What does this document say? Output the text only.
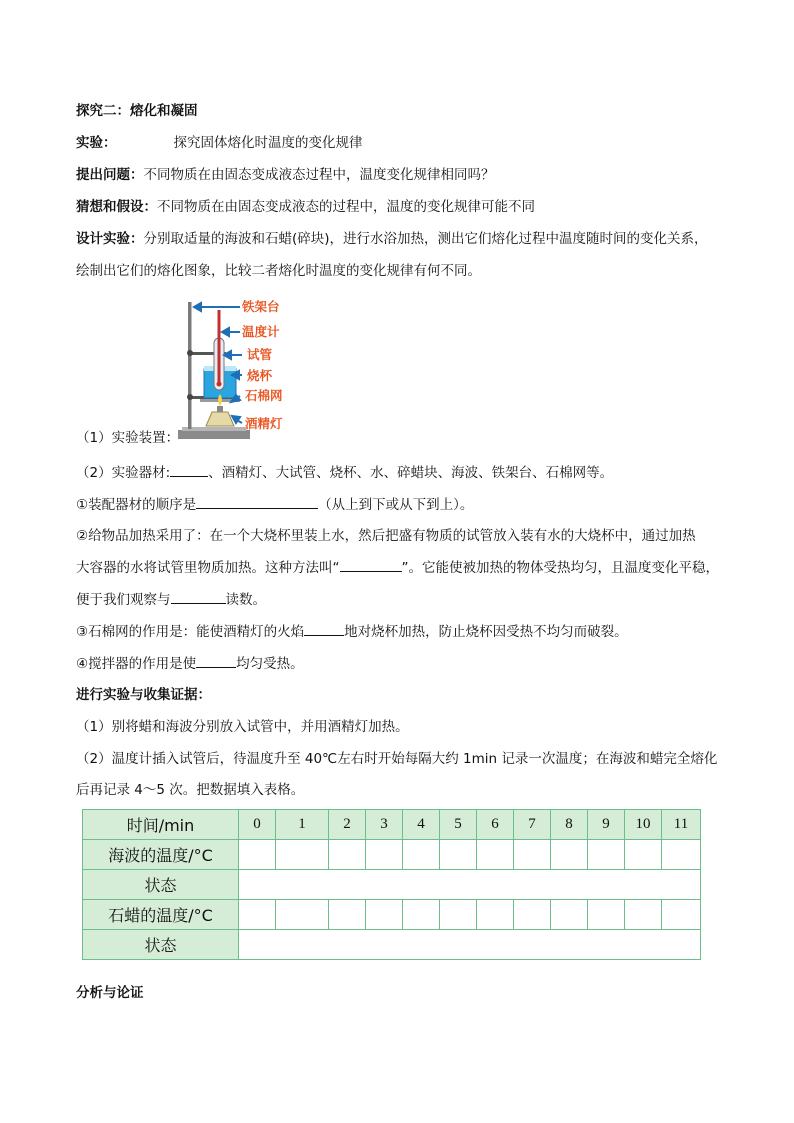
探究二：熔化和凝固
实验：	探究固体熔化时温度的变化规律
提出问题：不同物质在由固态变成液态过程中，温度变化规律相同吗？
猜想和假设：不同物质在由固态变成液态的过程中，温度的变化规律可能不同
设计实验：分别取适量的海波和石蜡(碎块)，进行水浴加热，测出它们熔化过程中温度随时间的变化关系，
绘制出它们的熔化图象，比较二者熔化时温度的变化规律有何不同。
铁架台
温度计
试管
烧杯
石棉网
酒精灯
（1）实验装置：
（2）实验器材:	、酒精灯、大试管、烧杯、水、碎蜡块、海波、铁架台、石棉网等。
①装配器材的顺序是	（从上到下或从下到上）。
②给物品加热采用了：在一个大烧杯里装上水，然后把盛有物质的试管放入装有水的大烧杯中，通过加热
大容器的水将试管里物质加热。这种方法叫“	”。它能使被加热的物体受热均匀，且温度变化平稳，
便于我们观察与	读数。
③石棉网的作用是：能使酒精灯的火焰	地对烧杯加热，防止烧杯因受热不均匀而破裂。
④搅拌器的作用是使	均匀受热。
进行实验与收集证据：
（1）别将蜡和海波分别放入试管中，并用酒精灯加热。
（2）温度计插入试管后，待温度升至 40℃左右时开始每隔大约 1min 记录一次温度；在海波和蜡完全熔化
后再记录 4～5 次。把数据填入表格。
时间/min	0	1	2	3	4	5	6	7	8	9	10	11
海波的温度/°C												
状态												
石蜡的温度/°C												
状态												
分析与论证
